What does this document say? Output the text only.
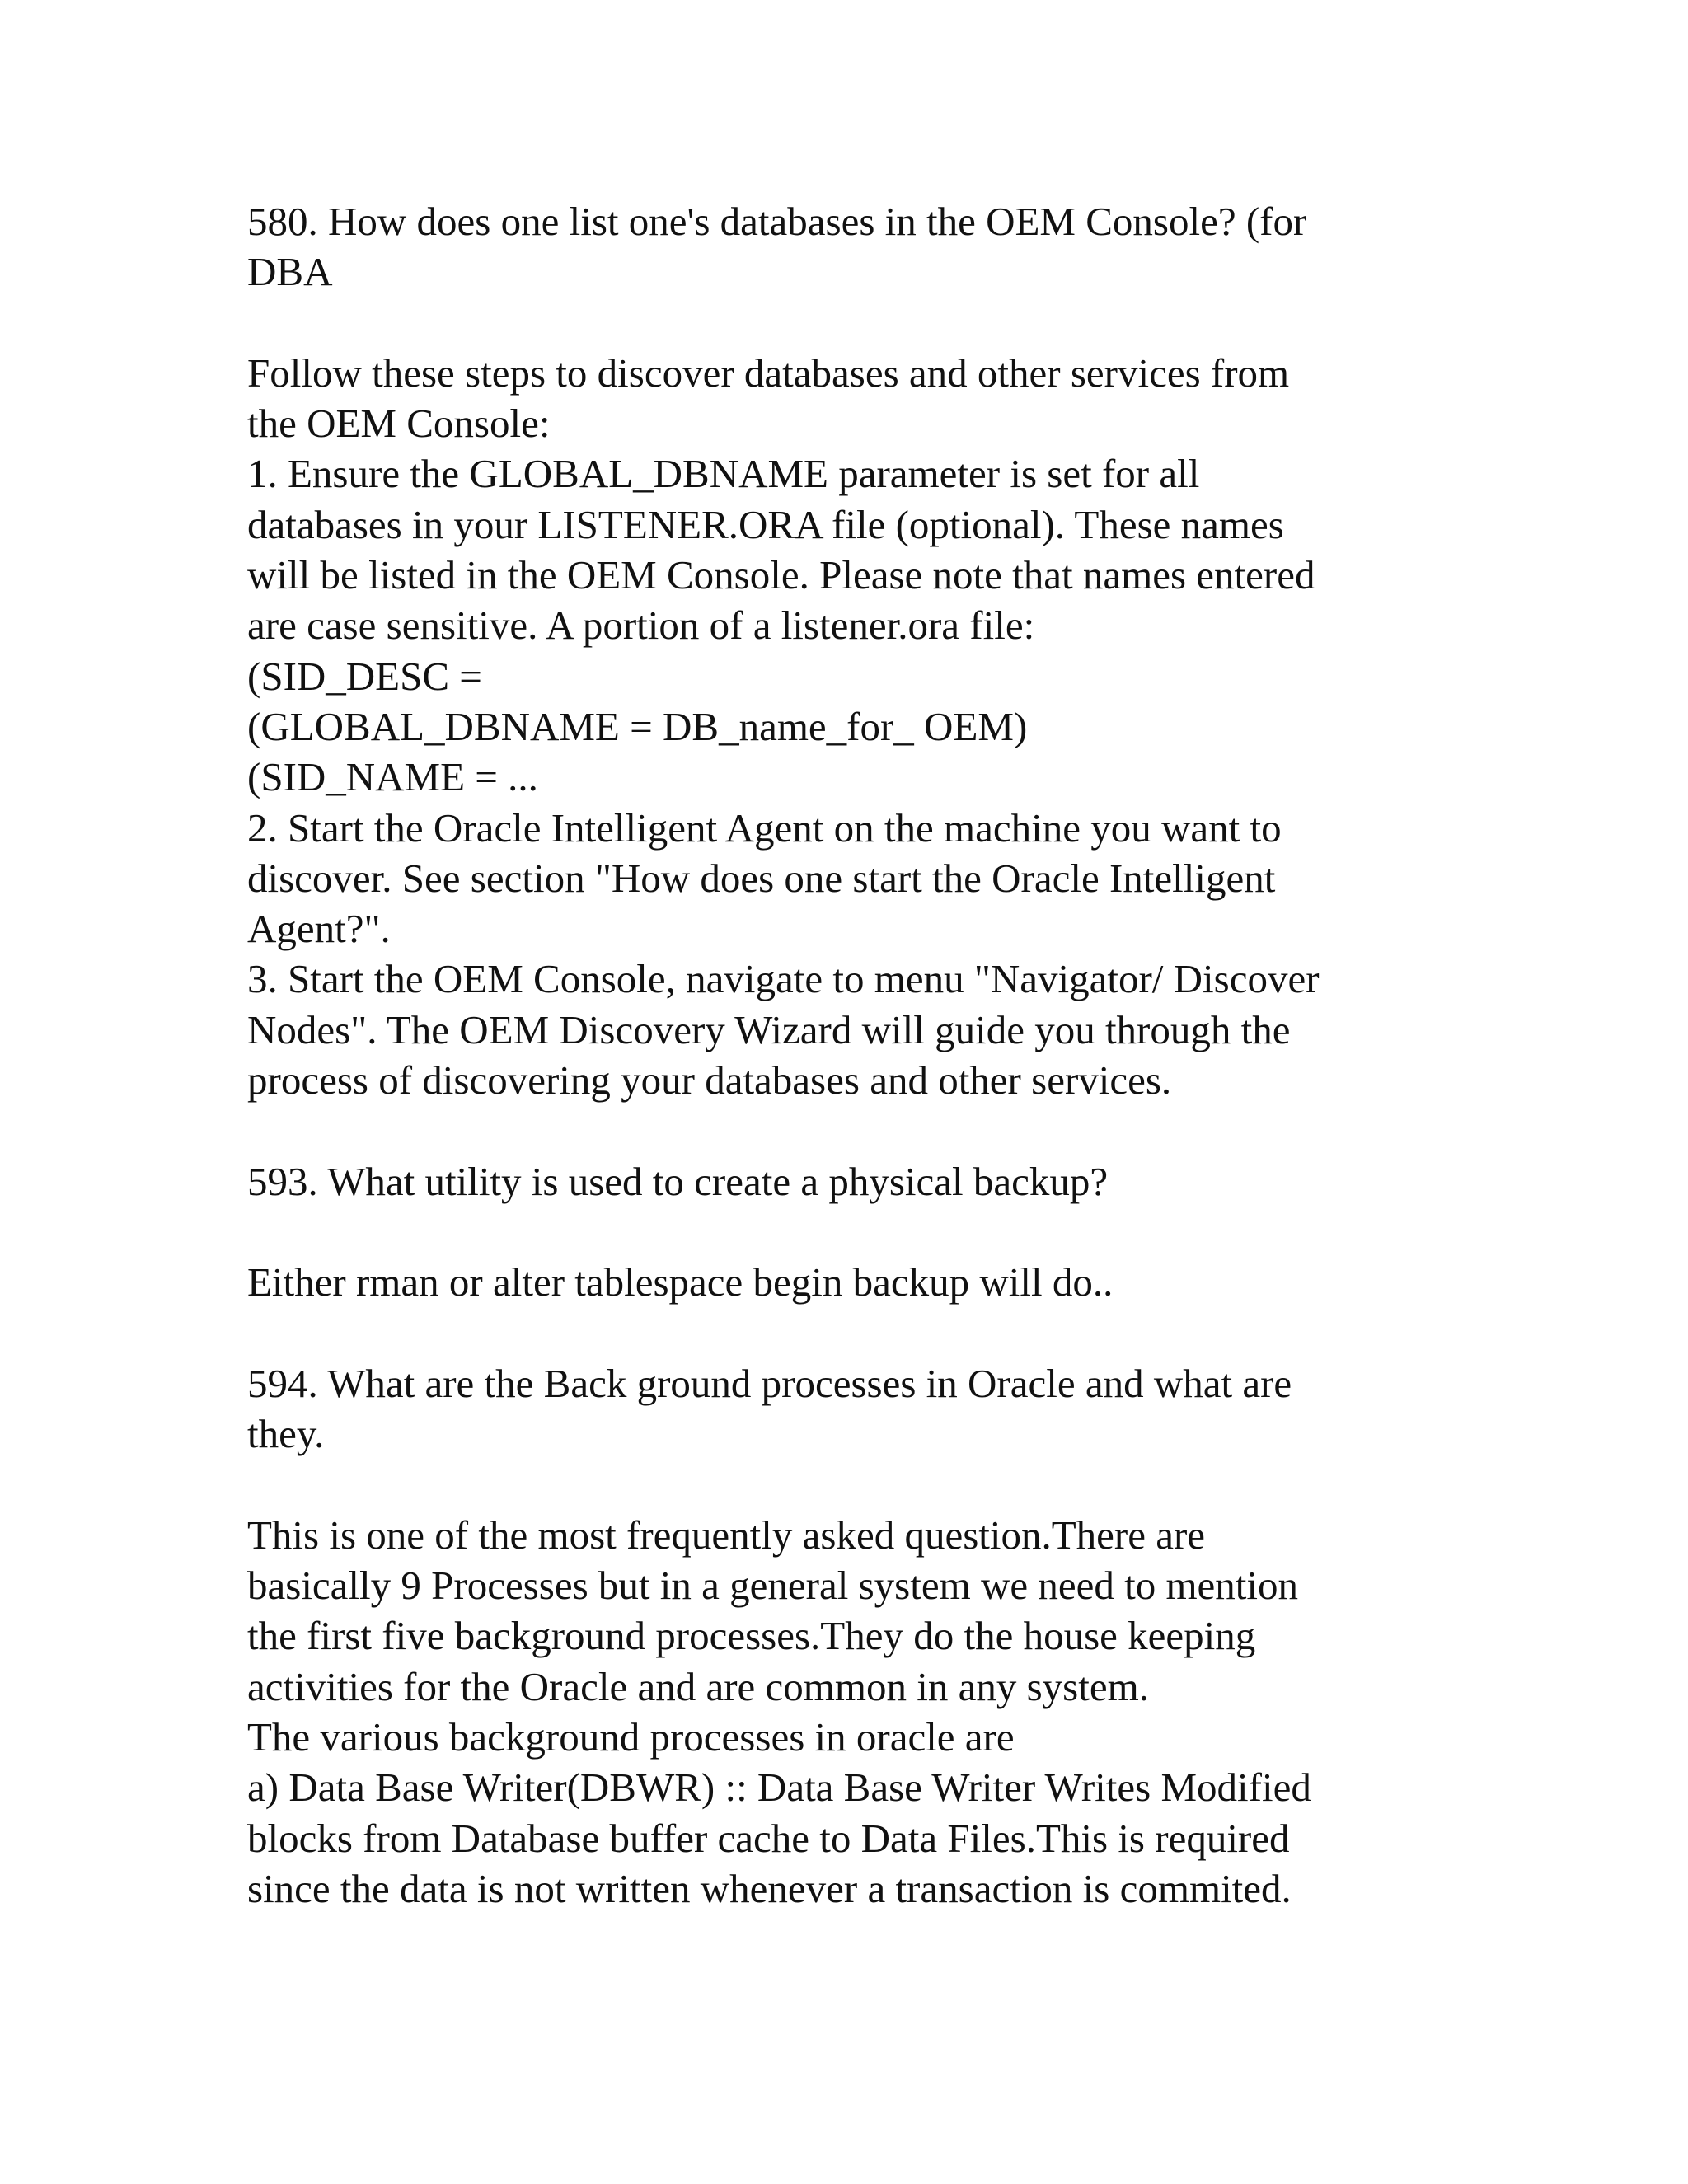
580. How does one list one's databases in the OEM Console? (for
DBA
Follow these steps to discover databases and other services from
the OEM Console:
1. Ensure the GLOBAL_DBNAME parameter is set for all
databases in your LISTENER.ORA file (optional). These names
will be listed in the OEM Console. Please note that names entered
are case sensitive. A portion of a listener.ora file:
(SID_DESC =
(GLOBAL_DBNAME = DB_name_for_ OEM)
(SID_NAME = ...
2. Start the Oracle Intelligent Agent on the machine you want to
discover. See section "How does one start the Oracle Intelligent
Agent?".
3. Start the OEM Console, navigate to menu "Navigator/ Discover
Nodes". The OEM Discovery Wizard will guide you through the
process of discovering your databases and other services.
593. What utility is used to create a physical backup?
Either rman or alter tablespace begin backup will do..
594. What are the Back ground processes in Oracle and what are
they.
This is one of the most frequently asked question.There are
basically 9 Processes but in a general system we need to mention
the first five background processes.They do the house keeping
activities for the Oracle and are common in any system.
The various background processes in oracle are
a) Data Base Writer(DBWR) :: Data Base Writer Writes Modified
blocks from Database buffer cache to Data Files.This is required
since the data is not written whenever a transaction is commited.
